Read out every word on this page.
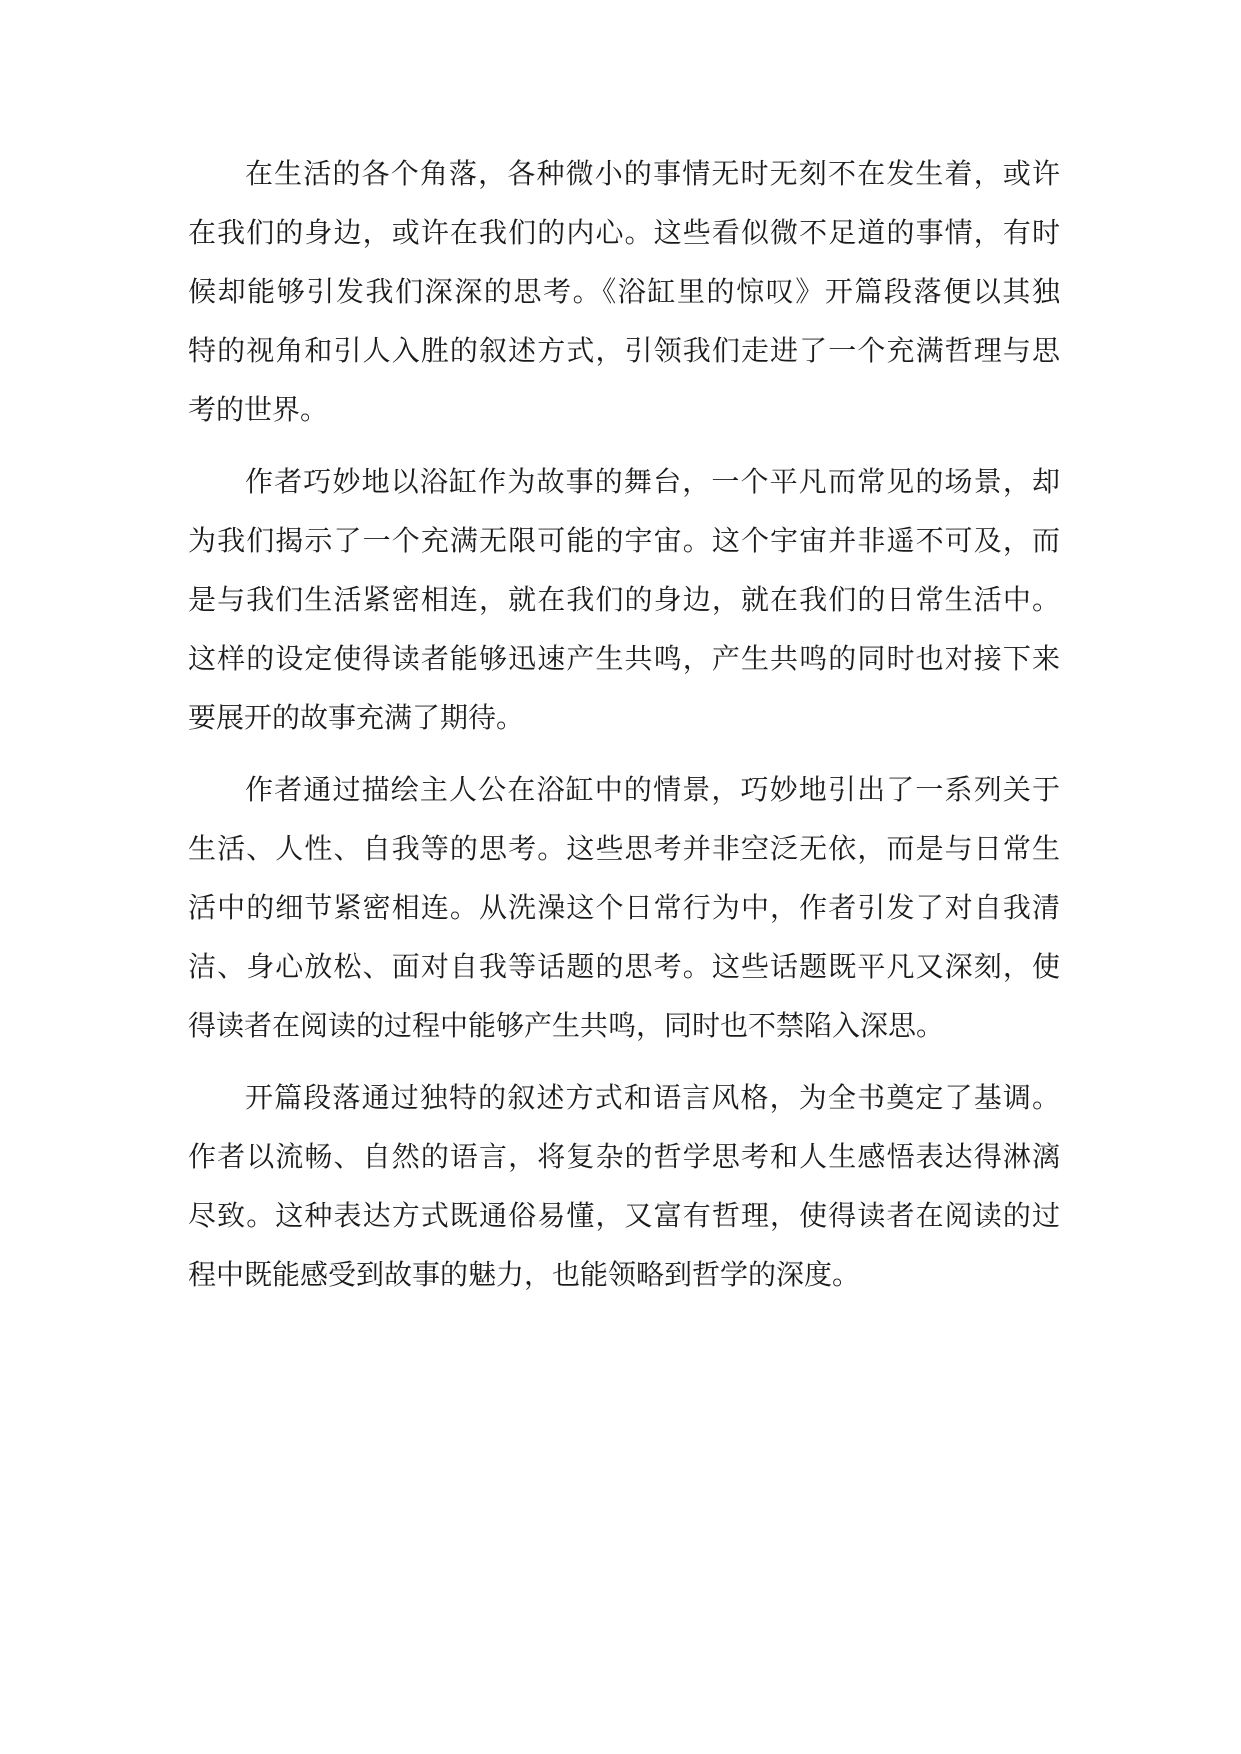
在生活的各个角落，各种微小的事情无时无刻不在发生着，或许
在我们的身边，或许在我们的内心。这些看似微不足道的事情，有时
候却能够引发我们深深的思考。《浴缸里的惊叹》开篇段落便以其独
特的视角和引人入胜的叙述方式，引领我们走进了一个充满哲理与思
考的世界。
作者巧妙地以浴缸作为故事的舞台，一个平凡而常见的场景，却
为我们揭示了一个充满无限可能的宇宙。这个宇宙并非遥不可及，而
是与我们生活紧密相连，就在我们的身边，就在我们的日常生活中。
这样的设定使得读者能够迅速产生共鸣，产生共鸣的同时也对接下来
要展开的故事充满了期待。
作者通过描绘主人公在浴缸中的情景，巧妙地引出了一系列关于
生活、人性、自我等的思考。这些思考并非空泛无依，而是与日常生
活中的细节紧密相连。从洗澡这个日常行为中，作者引发了对自我清
洁、身心放松、面对自我等话题的思考。这些话题既平凡又深刻，使
得读者在阅读的过程中能够产生共鸣，同时也不禁陷入深思。
开篇段落通过独特的叙述方式和语言风格，为全书奠定了基调。
作者以流畅、自然的语言，将复杂的哲学思考和人生感悟表达得淋漓
尽致。这种表达方式既通俗易懂，又富有哲理，使得读者在阅读的过
程中既能感受到故事的魅力，也能领略到哲学的深度。
